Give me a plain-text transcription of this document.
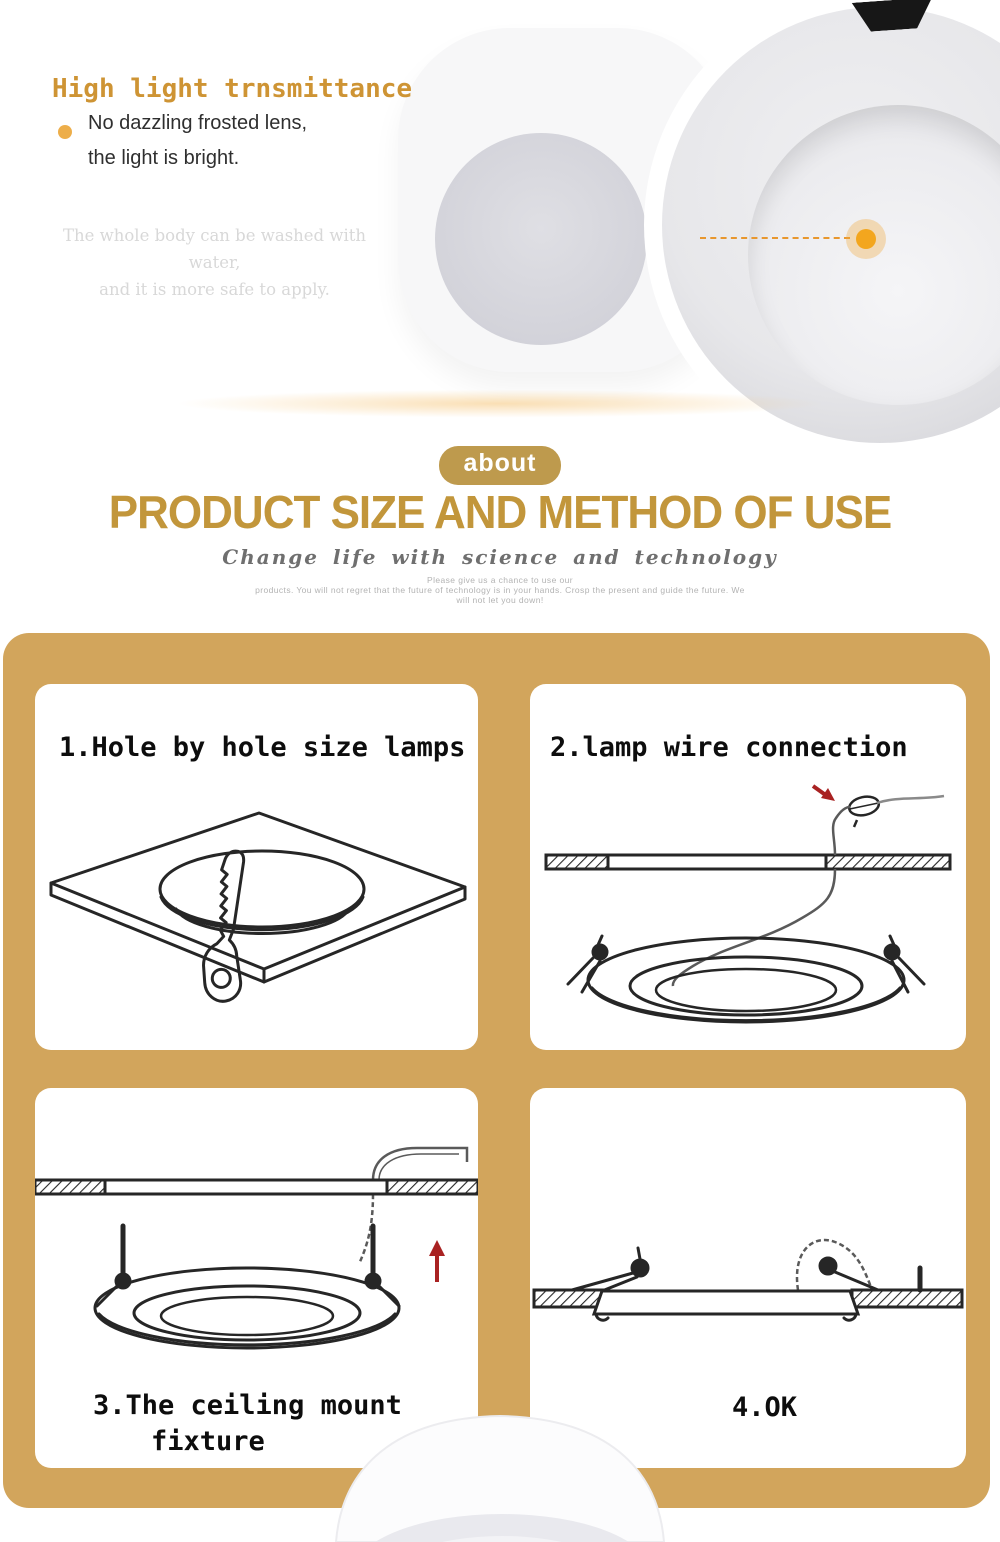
High light trnsmittance

No dazzling frosted lens,
the light is bright.

The whole body can be washed with water,
and it is more safe to apply.

about
PRODUCT SIZE AND METHOD OF USE

Change life with science and technology

Please give us a chance to use our
products. You will not regret that the future of technology is in your hands. Crosp the present and guide the future. We
will not let you down!

1.Hole by hole size lamps	2.lamp wire connection
3.The ceiling mount
fixture
4.OK
